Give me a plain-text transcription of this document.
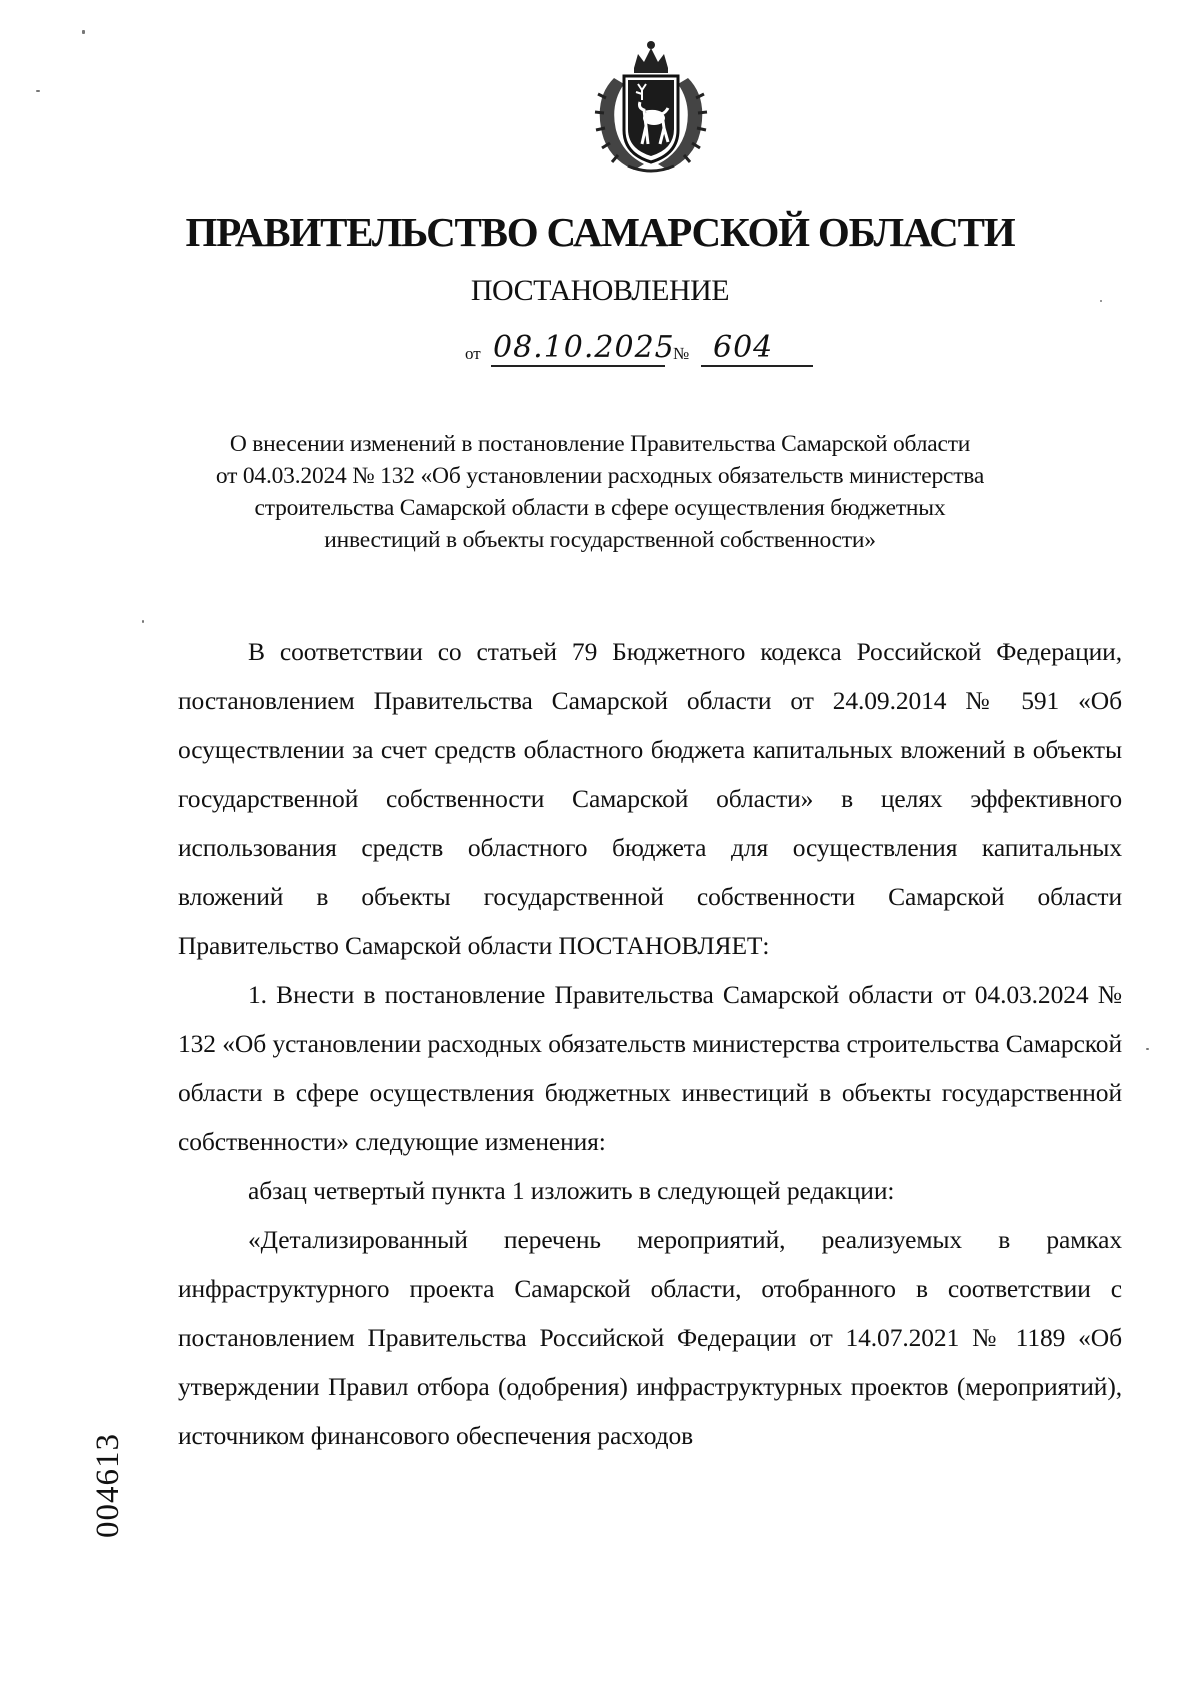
ПРАВИТЕЛЬСТВО САМАРСКОЙ ОБЛАСТИ
ПОСТАНОВЛЕНИЕ
от 08.10.2025
№ 604
О внесении изменений в постановление Правительства Самарской области
от 04.03.2024 № 132 «Об установлении расходных обязательств министерства
строительства Самарской области в сфере осуществления бюджетных
инвестиций в объекты государственной собственности»

В соответствии со статьей 79 Бюджетного кодекса Российской Федерации, постановлением Правительства Самарской области от 24.09.2014 № 591 «Об осуществлении за счет средств областного бюджета капитальных вложений в объекты государственной собственности Самарской области» в целях эффективного использования средств областного бюджета для осуществления капитальных вложений в объекты государственной собственности Самарской области Правительство Самарской области ПОСТАНОВЛЯЕТ:

1. Внести в постановление Правительства Самарской области от 04.03.2024 № 132 «Об установлении расходных обязательств министерства строительства Самарской области в сфере осуществления бюджетных инвестиций в объекты государственной собственности» следующие изменения:

абзац четвертый пункта 1 изложить в следующей редакции:

«Детализированный перечень мероприятий, реализуемых в рамках инфраструктурного проекта Самарской области, отобранного в соответствии с постановлением Правительства Российской Федерации от 14.07.2021 № 1189 «Об утверждении Правил отбора (одобрения) инфраструктурных проектов (мероприятий), источником финансового обеспечения расходов

004613
